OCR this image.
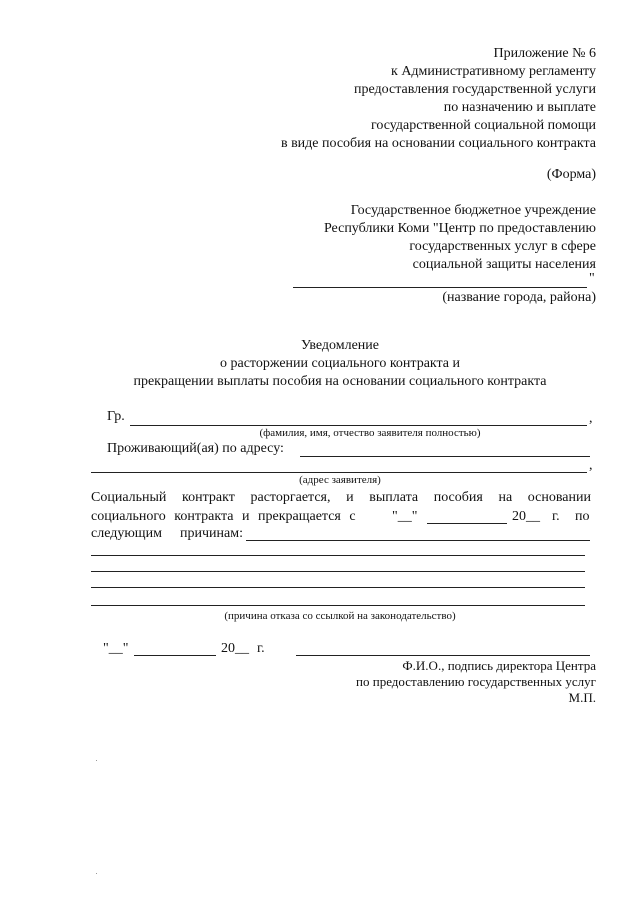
Приложение № 6
к Административному регламенту
предоставления государственной услуги
по назначению и выплате
государственной социальной помощи
в виде пособия на основании социального контракта
(Форма)
Государственное бюджетное учреждение
Республики Коми "Центр по предоставлению
государственных услуг в сфере
социальной защиты населения
"
(название города, района)
Уведомление
о расторжении социального контракта и
прекращении выплаты пособия на основании социального контракта
Гр.	,
(фамилия, имя, отчество заявителя полностью)
Проживающий(ая) по адресу:
,
(адрес заявителя)
Социальный контракт расторгается, и выплата пособия на основании
социального контракта и прекращается с	"__"	20__ г. по
следующим причинам:
(причина отказа со ссылкой на законодательство)
"__"	20__ г.
Ф.И.О., подпись директора Центра
по предоставлению государственных услуг
М.П.
